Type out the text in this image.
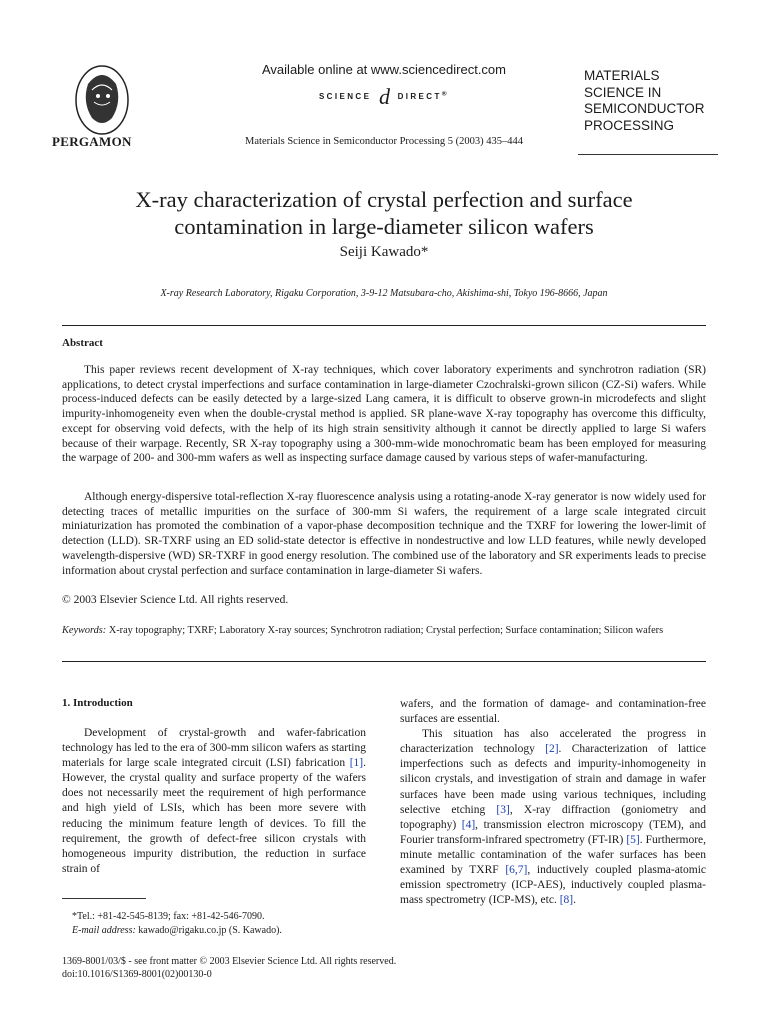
PERGAMON
Available online at www.sciencedirect.com
SCIENCE d DIRECT®
Materials Science in Semiconductor Processing 5 (2003) 435–444
MATERIALS
SCIENCE IN
SEMICONDUCTOR
PROCESSING
X-ray characterization of crystal perfection and surface
contamination in large-diameter silicon wafers
Seiji Kawado*
X-ray Research Laboratory, Rigaku Corporation, 3-9-12 Matsubara-cho, Akishima-shi, Tokyo 196-8666, Japan
Abstract

This paper reviews recent development of X-ray techniques, which cover laboratory experiments and synchrotron radiation (SR) applications, to detect crystal imperfections and surface contamination in large-diameter Czochralski-grown silicon (CZ-Si) wafers. While process-induced defects can be easily detected by a large-sized Lang camera, it is difficult to observe grown-in microdefects and slight impurity-inhomogeneity even when the double-crystal method is applied. SR plane-wave X-ray topography has overcome this difficulty, except for observing void defects, with the help of its high strain sensitivity although it cannot be directly applied to large Si wafers because of their warpage. Recently, SR X-ray topography using a 300-mm-wide monochromatic beam has been employed for measuring the warpage of 200- and 300-mm wafers as well as inspecting surface damage caused by various steps of wafer-manufacturing.

Although energy-dispersive total-reflection X-ray fluorescence analysis using a rotating-anode X-ray generator is now widely used for detecting traces of metallic impurities on the surface of 300-mm Si wafers, the requirement of a large scale integrated circuit miniaturization has promoted the combination of a vapor-phase decomposition technique and the TXRF for lowering the lower-limit of detection (LLD). SR-TXRF using an ED solid-state detector is effective in nondestructive and low LLD features, while newly developed wavelength-dispersive (WD) SR-TXRF in good energy resolution. The combined use of the laboratory and SR experiments leads to precise information about crystal perfection and surface contamination in large-diameter Si wafers.

© 2003 Elsevier Science Ltd. All rights reserved.
Keywords: X-ray topography; TXRF; Laboratory X-ray sources; Synchrotron radiation; Crystal perfection; Surface contamination; Silicon wafers
1. Introduction
Development of crystal-growth and wafer-fabrication technology has led to the era of 300-mm silicon wafers as starting materials for large scale integrated circuit (LSI) fabrication [1]. However, the crystal quality and surface property of the wafers does not necessarily meet the requirement of high performance and high yield of LSIs, which has been more severe with reducing the minimum feature length of devices. To fill the requirement, the growth of defect-free silicon crystals with homogeneous impurity distribution, the reduction in surface strain of
wafers, and the formation of damage- and contamination-free surfaces are essential.
This situation has also accelerated the progress in characterization technology [2]. Characterization of lattice imperfections such as defects and impurity-inhomogeneity in silicon crystals, and investigation of strain and damage in wafer surfaces have been made using various techniques, including selective etching [3], X-ray diffraction (goniometry and topography) [4], transmission electron microscopy (TEM), and Fourier transform-infrared spectrometry (FT-IR) [5]. Furthermore, minute metallic contamination of the wafer surfaces has been examined by TXRF [6,7], inductively coupled plasma-atomic emission spectrometry (ICP-AES), inductively coupled plasma-mass spectrometry (ICP-MS), etc. [8].
*Tel.: +81-42-545-8139; fax: +81-42-546-7090.
E-mail address: kawado@rigaku.co.jp (S. Kawado).
1369-8001/03/$ - see front matter © 2003 Elsevier Science Ltd. All rights reserved.
doi:10.1016/S1369-8001(02)00130-0
